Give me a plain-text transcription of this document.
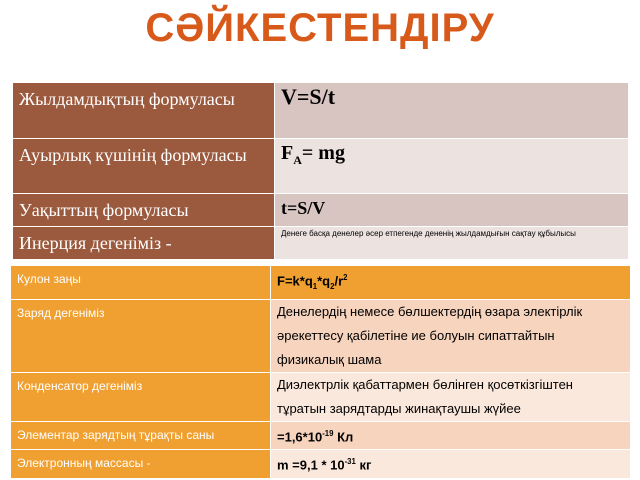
СӘЙКЕСТЕНДІРУ
Жылдамдықтың формуласы	V=S/t
Ауырлық күшінің формуласы	$F_A=$ mg
Уақыттың формуласы	t=S/V
Инерция дегеніміз -	Денеге басқа денелер әсер етпегенде дененің жылдамдығын сақтау құбылысы
Кулон заңы	$F=k*q_1*q_2/r^2$
Заряд дегеніміз	Денелердің немесе бөлшектердің өзара электірлік әрекеттесу қабілетіне ие болуын сипаттайтын физикалық шама
Конденсатор дегеніміз	Диэлектрлік қабаттармен бөлінген қосөткізгіштен тұратын зарядтарды жинақтаушы жүйее
Элементар зарядтың тұрақты саны	$=1,6*10^{-19}$ Кл
Электронның массасы -	$m =9,1 * 10^{-31}$ кг
